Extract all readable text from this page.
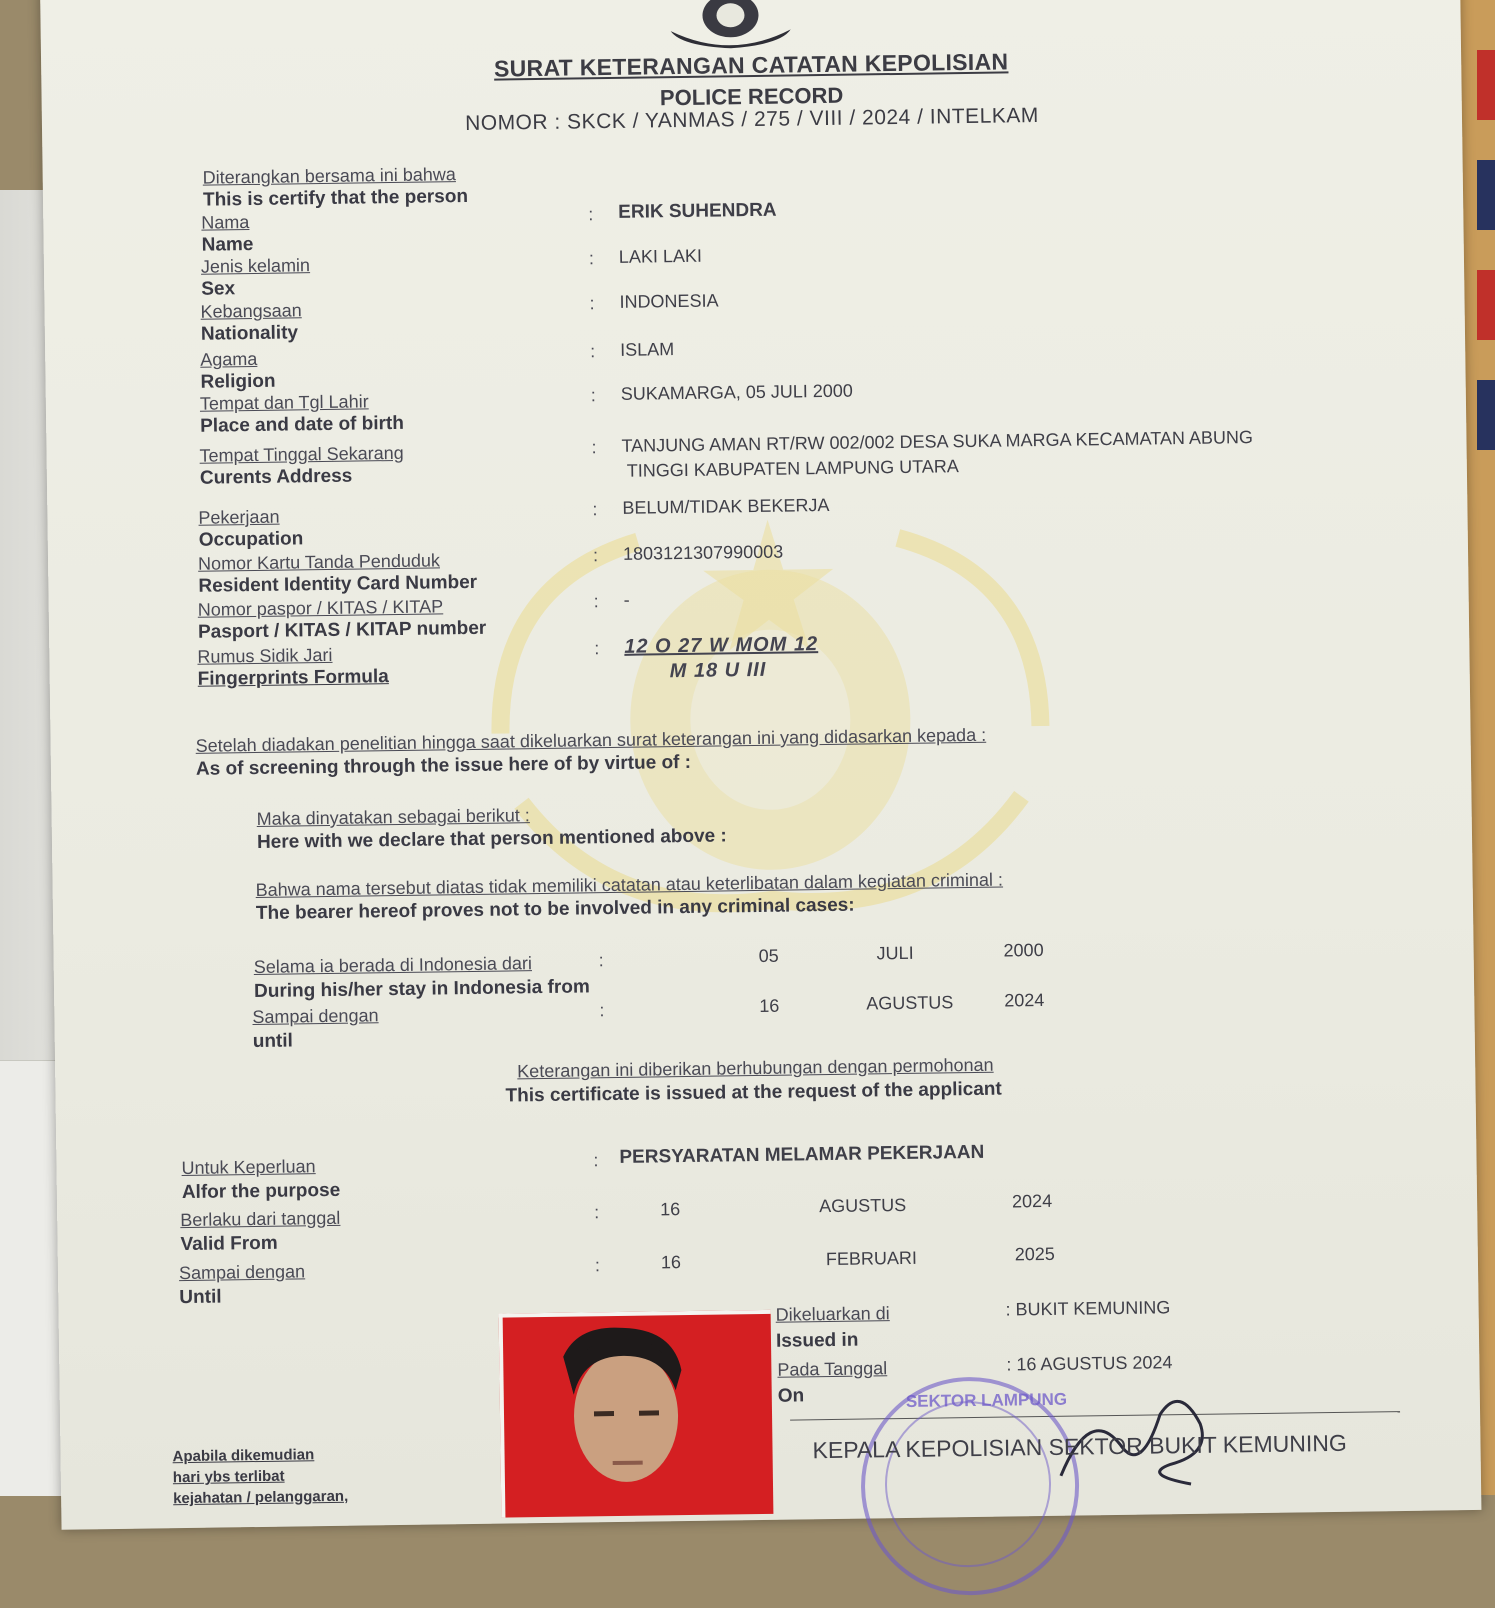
SURAT KETERANGAN CATATAN KEPOLISIAN
POLICE RECORD
NOMOR : SKCK / YANMAS / 275 / VIII / 2024 / INTELKAM
Diterangkan bersama ini bahwa
This is certify that the person
Nama
Name
: ERIK SUHENDRA
Jenis kelamin
Sex
: LAKI LAKI
Kebangsaan
Nationality
: INDONESIA
Agama
Religion
: ISLAM
Tempat dan Tgl Lahir
Place and date of birth
: SUKAMARGA, 05 JULI 2000
Tempat Tinggal Sekarang
Curents Address
: TANJUNG AMAN RT/RW 002/002 DESA SUKA MARGA KECAMATAN ABUNG
TINGGI KABUPATEN LAMPUNG UTARA
Pekerjaan
Occupation
: BELUM/TIDAK BEKERJA
Nomor Kartu Tanda Penduduk
Resident Identity Card Number
: 1803121307990003
Nomor paspor / KITAS / KITAP
Pasport / KITAS / KITAP number
: -
Rumus Sidik Jari
Fingerprints Formula
: 12 O 27 W MOM 12
M 18 U III
Setelah diadakan penelitian hingga saat dikeluarkan surat keterangan ini yang didasarkan kepada :
As of screening through the issue here of by virtue of :
Maka dinyatakan sebagai berikut :
Here with we declare that person mentioned above :
Bahwa nama tersebut diatas tidak memiliki catatan atau keterlibatan dalam kegiatan criminal :
The bearer hereof proves not to be involved in any criminal cases:
Selama ia berada di Indonesia dari
During his/her stay in Indonesia from
:	05	JULI	2000
Sampai dengan
until
:	16	AGUSTUS	2024
Keterangan ini diberikan berhubungan dengan permohonan
This certificate is issued at the request of the applicant
Untuk Keperluan
Alfor the purpose
: PERSYARATAN MELAMAR PEKERJAAN
Berlaku dari tanggal
Valid From
:	16	AGUSTUS	2024
Sampai dengan
Until
:	16	FEBRUARI	2025
Dikeluarkan di
Issued in
: BUKIT KEMUNING
Pada Tanggal
On
: 16 AGUSTUS 2024
SEKTOR LAMPUNG
KEPALA KEPOLISIAN SEKTOR BUKIT KEMUNING
Apabila dikemudian
hari ybs terlibat
kejahatan / pelanggaran,
